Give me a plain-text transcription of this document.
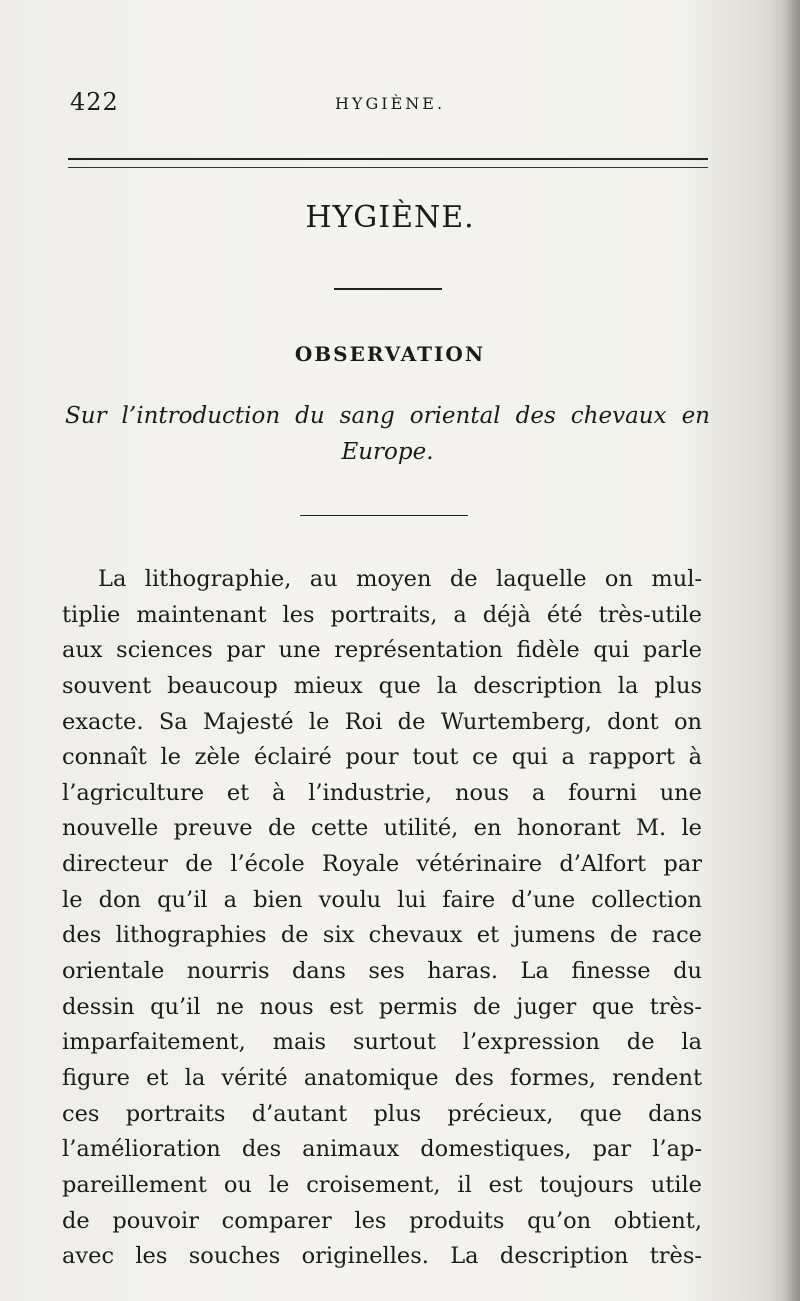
422	HYGIÈNE.
HYGIÈNE.
OBSERVATION
Sur l’introduction du sang oriental des chevaux en
Europe.
La lithographie, au moyen de laquelle on mul-
tiplie maintenant les portraits, a déjà été très-utile
aux sciences par une représentation fidèle qui parle
souvent beaucoup mieux que la description la plus
exacte. Sa Majesté le Roi de Wurtemberg, dont on
connaît le zèle éclairé pour tout ce qui a rapport à
l’agriculture et à l’industrie, nous a fourni une
nouvelle preuve de cette utilité, en honorant M. le
directeur de l’école Royale vétérinaire d’Alfort par
le don qu’il a bien voulu lui faire d’une collection
des lithographies de six chevaux et jumens de race
orientale nourris dans ses haras. La finesse du
dessin qu’il ne nous est permis de juger que très-
imparfaitement, mais surtout l’expression de la
figure et la vérité anatomique des formes, rendent
ces portraits d’autant plus précieux, que dans
l’amélioration des animaux domestiques, par l’ap-
pareillement ou le croisement, il est toujours utile
de pouvoir comparer les produits qu’on obtient,
avec les souches originelles. La description très-
